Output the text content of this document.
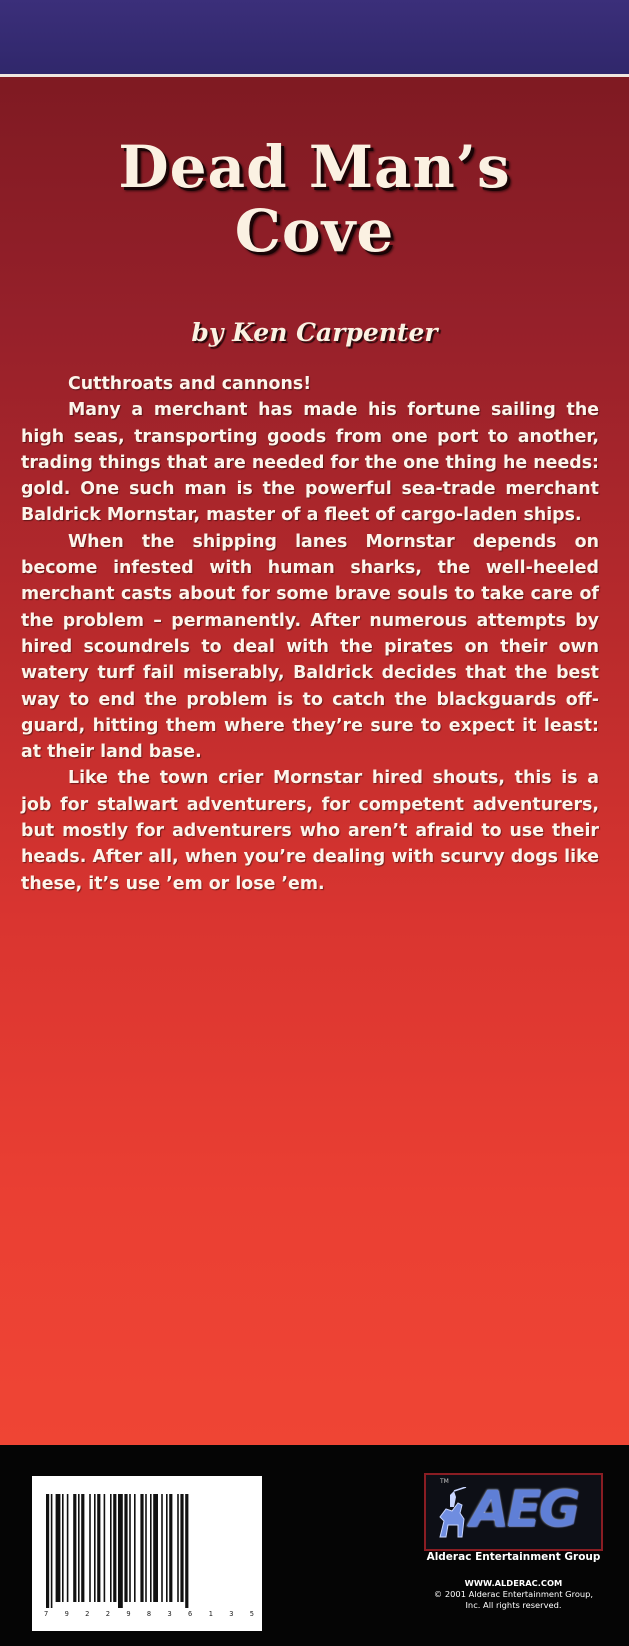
Dead Man’s
Cove
by Ken Carpenter

Cutthroats and cannons!

Many a merchant has made his fortune sailing the high seas, transporting goods from one port to another, trading things that are needed for the one thing he needs: gold. One such man is the powerful sea-trade merchant Baldrick Mornstar, master of a fleet of cargo-laden ships.

When the shipping lanes Mornstar depends on become infested with human sharks, the well-heeled merchant casts about for some brave souls to take care of the problem – permanently. After numerous attempts by hired scoundrels to deal with the pirates on their own watery turf fail miserably, Baldrick decides that the best way to end the problem is to catch the blackguards off-guard, hitting them where they’re sure to expect it least: at their land base.

Like the town crier Mornstar hired shouts, this is a job for stalwart adventurers, for competent adventurers, but mostly for adventurers who aren’t afraid to use their heads. After all, when you’re dealing with scurvy dogs like these, it’s use ’em or lose ’em.

7 9 2 2 9 8 3 6 1 3 5
TM AEG
Alderac Entertainment Group
WWW.ALDERAC.COM
© 2001 Alderac Entertainment Group, Inc. All rights reserved.
